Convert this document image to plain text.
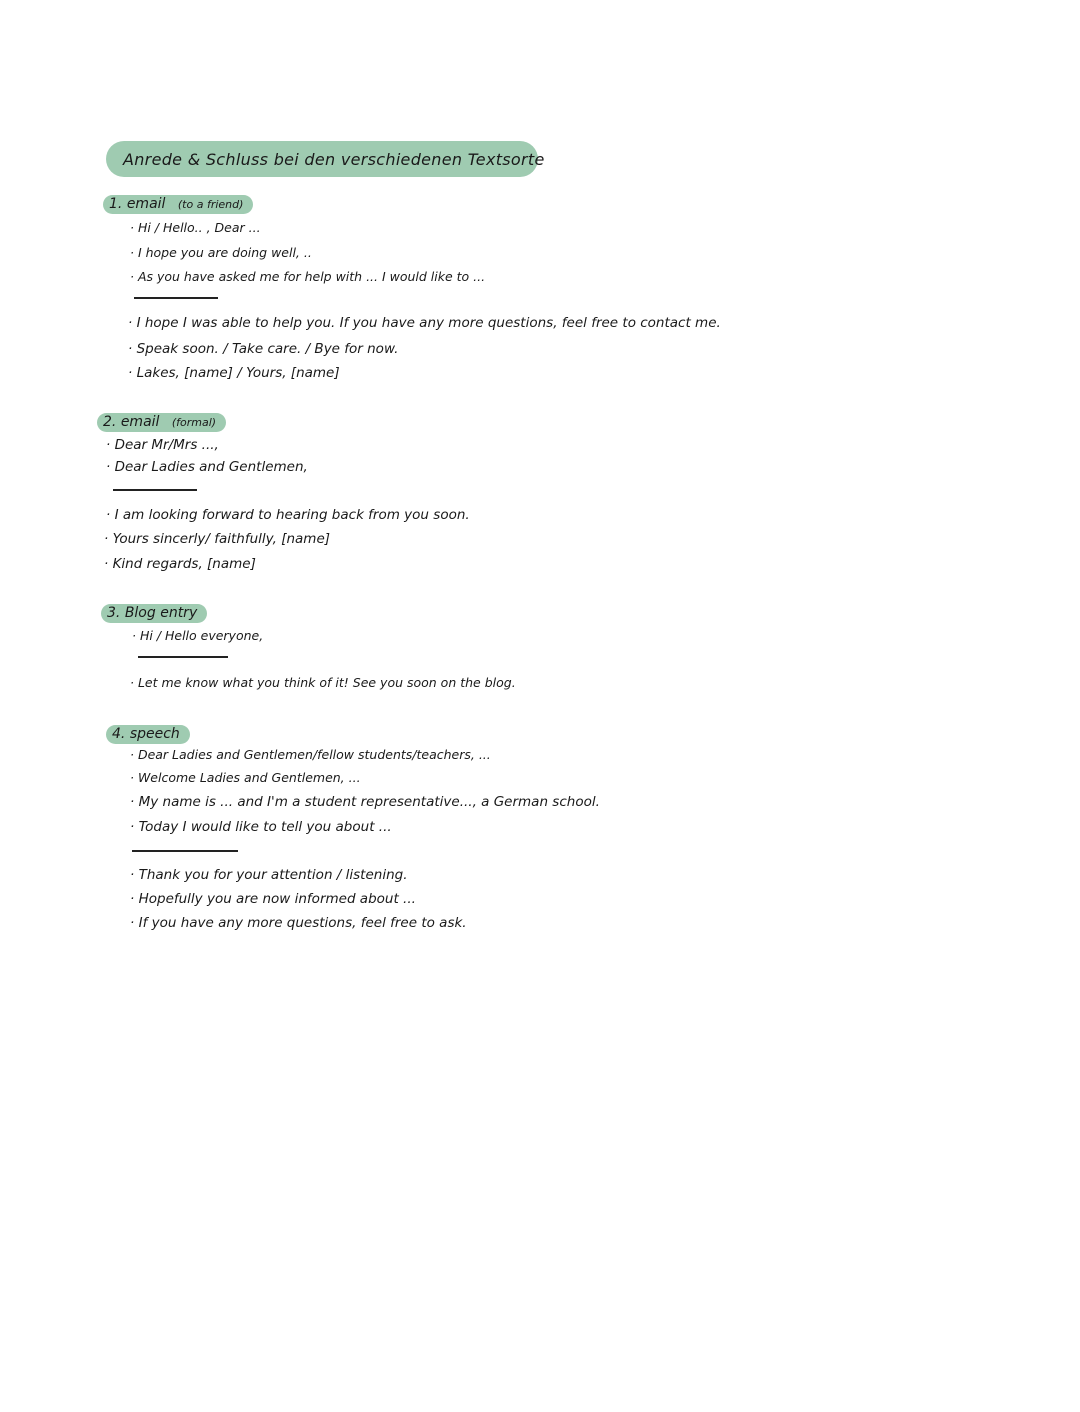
Anrede & Schluss bei den verschiedenen Textsorte
1. email (to a friend)
· Hi / Hello.. , Dear ...
· I hope you are doing well, ..
· As you have asked me for help with ... I would like to ...
· I hope I was able to help you. If you have any more questions, feel free to contact me.
· Speak soon. / Take care. / Bye for now.
· Lakes, [name] / Yours, [name]
2. email (formal)
· Dear Mr/Mrs ...,
· Dear Ladies and Gentlemen,
· I am looking forward to hearing back from you soon.
· Yours sincerly/ faithfully, [name]
· Kind regards, [name]
3. Blog entry
· Hi / Hello everyone,
· Let me know what you think of it! See you soon on the blog.
4. speech
· Dear Ladies and Gentlemen/fellow students/teachers, ...
· Welcome Ladies and Gentlemen, ...
· My name is ... and I'm a student representative..., a German school.
· Today I would like to tell you about ...
· Thank you for your attention / listening.
· Hopefully you are now informed about ...
· If you have any more questions, feel free to ask.
